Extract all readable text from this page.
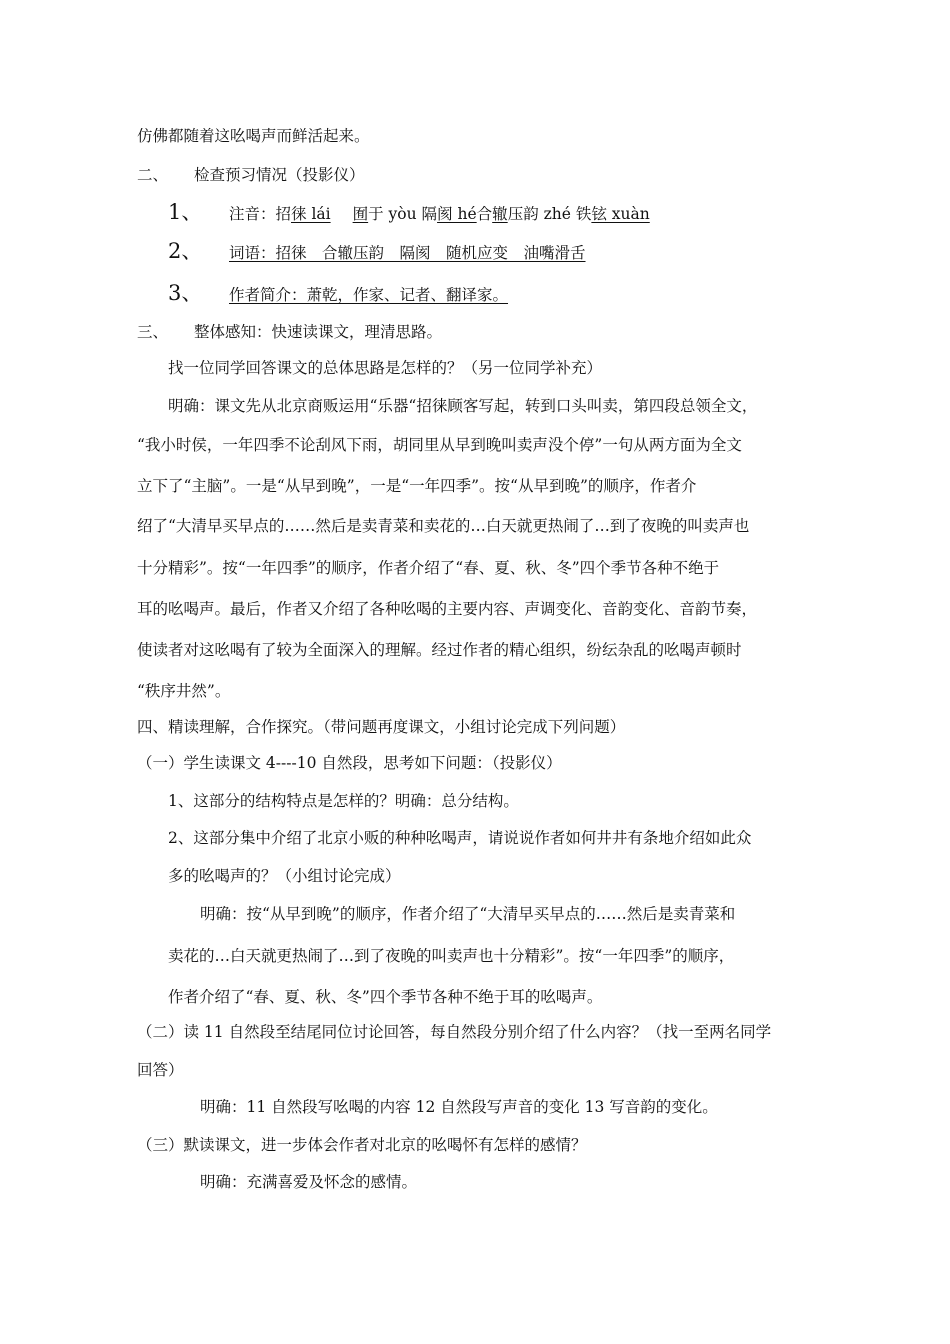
仿佛都随着这吆喝声而鲜活起来。
二、 检查预习情况（投影仪）
1、 注音：招徕 lái 囿于 yòu 隔阂 hé合辙压韵 zhé 铁铉 xuàn
2、 词语：招徕　合辙压韵　隔阂　随机应变　油嘴滑舌
3、 作者简介：萧乾，作家、记者、翻译家。
三、 整体感知：快速读课文，理清思路。
找一位同学回答课文的总体思路是怎样的？（另一位同学补充）
明确：课文先从北京商贩运用“乐器“招徕顾客写起，转到口头叫卖，第四段总领全文，
“我小时侯，一年四季不论刮风下雨，胡同里从早到晚叫卖声没个停”一句从两方面为全文
立下了“主脑”。一是“从早到晚”，一是“一年四季”。按“从早到晚”的顺序，作者介
绍了“大清早买早点的……然后是卖青菜和卖花的…白天就更热闹了…到了夜晚的叫卖声也
十分精彩”。按“一年四季”的顺序，作者介绍了“春、夏、秋、冬”四个季节各种不绝于
耳的吆喝声。最后，作者又介绍了各种吆喝的主要内容、声调变化、音韵变化、音韵节奏，
使读者对这吆喝有了较为全面深入的理解。经过作者的精心组织，纷纭杂乱的吆喝声顿时
“秩序井然”。
四、精读理解，合作探究。（带问题再度课文，小组讨论完成下列问题）
（一）学生读课文 4----10 自然段，思考如下问题：（投影仪）
1、这部分的结构特点是怎样的？明确：总分结构。
2、这部分集中介绍了北京小贩的种种吆喝声，请说说作者如何井井有条地介绍如此众
多的吆喝声的？（小组讨论完成）
明确：按“从早到晚”的顺序，作者介绍了“大清早买早点的……然后是卖青菜和
卖花的…白天就更热闹了…到了夜晚的叫卖声也十分精彩”。按“一年四季”的顺序，
作者介绍了“春、夏、秋、冬”四个季节各种不绝于耳的吆喝声。
（二）读 11 自然段至结尾同位讨论回答，每自然段分别介绍了什么内容？（找一至两名同学
回答）
明确：11 自然段写吆喝的内容 12 自然段写声音的变化 13 写音韵的变化。
（三）默读课文，进一步体会作者对北京的吆喝怀有怎样的感情？
明确：充满喜爱及怀念的感情。
